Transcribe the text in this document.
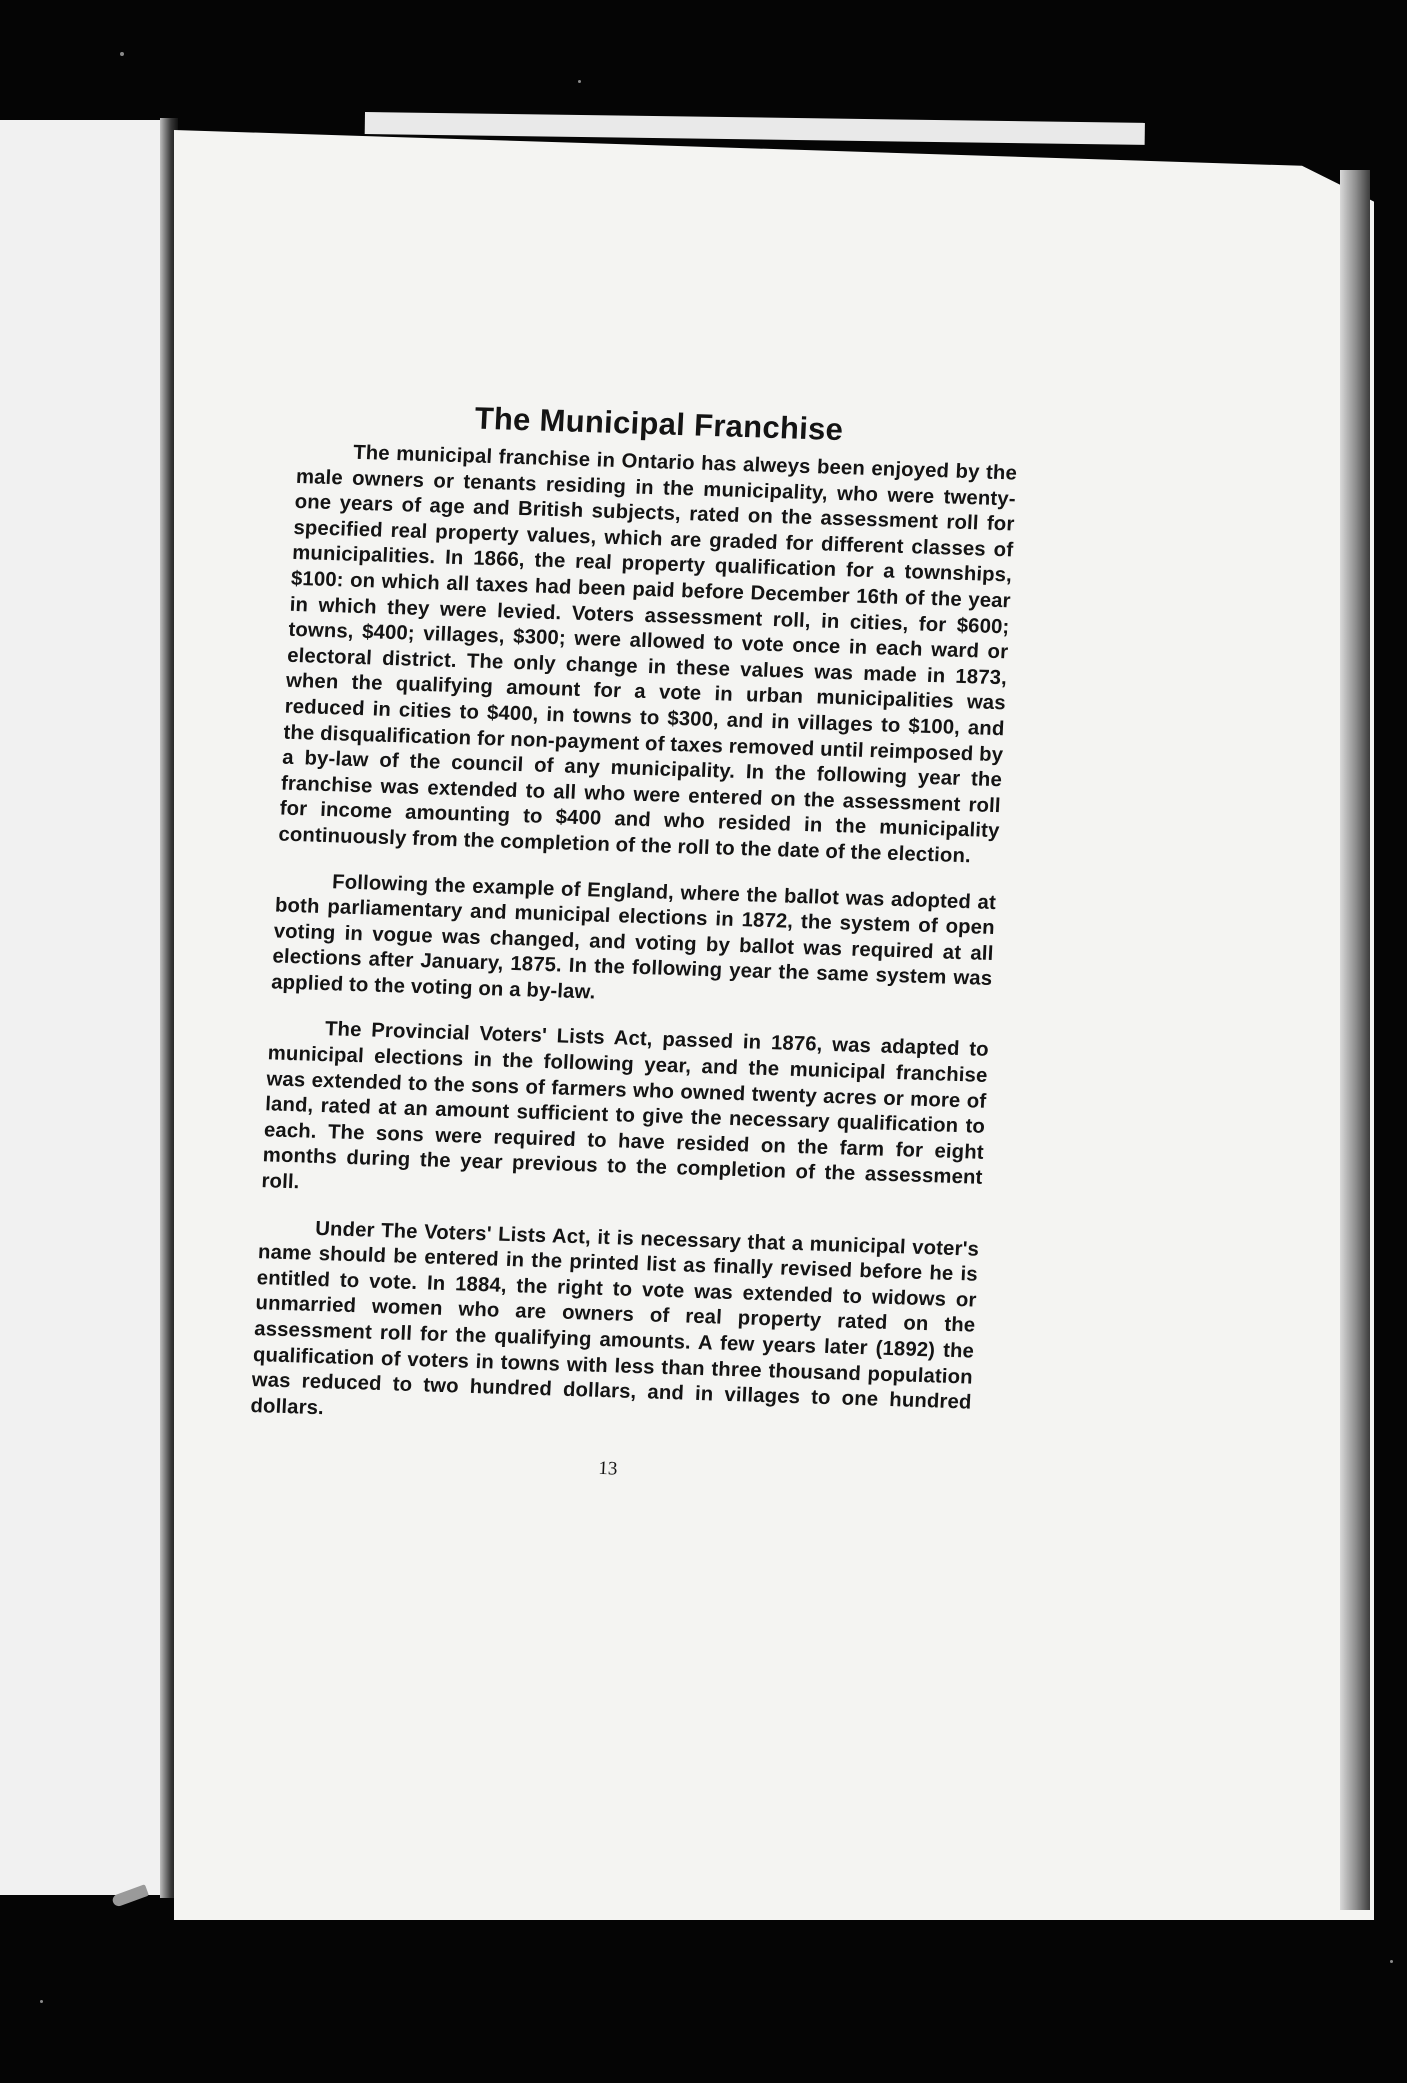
The Municipal Franchise

The municipal franchise in Ontario has alweys been enjoyed by the male owners or tenants residing in the municipality, who were twenty-one years of age and British subjects, rated on the assessment roll for specified real property values, which are graded for different classes of municipalities. In 1866, the real property qualification for a townships, $100: on which all taxes had been paid before December 16th of the year in which they were levied. Voters assessment roll, in cities, for $600; towns, $400; villages, $300; were allowed to vote once in each ward or electoral district. The only change in these values was made in 1873, when the qualifying amount for a vote in urban municipalities was reduced in cities to $400, in towns to $300, and in villages to $100, and the disqualification for non-payment of taxes removed until reimposed by a by-law of the council of any municipality. In the following year the franchise was extended to all who were entered on the assessment roll for income amounting to $400 and who resided in the municipality continuously from the completion of the roll to the date of the election.

Following the example of England, where the ballot was adopted at both parliamentary and municipal elections in 1872, the system of open voting in vogue was changed, and voting by ballot was required at all elections after January, 1875. In the following year the same system was applied to the voting on a by-law.

The Provincial Voters' Lists Act, passed in 1876, was adapted to municipal elections in the following year, and the municipal franchise was extended to the sons of farmers who owned twenty acres or more of land, rated at an amount sufficient to give the necessary qualification to each. The sons were required to have resided on the farm for eight months during the year previous to the completion of the assessment roll.

Under The Voters' Lists Act, it is necessary that a municipal voter's name should be entered in the printed list as finally revised before he is entitled to vote. In 1884, the right to vote was extended to widows or unmarried women who are owners of real property rated on the assessment roll for the qualifying amounts. A few years later (1892) the qualification of voters in towns with less than three thousand population was reduced to two hundred dollars, and in villages to one hundred dollars.

13
